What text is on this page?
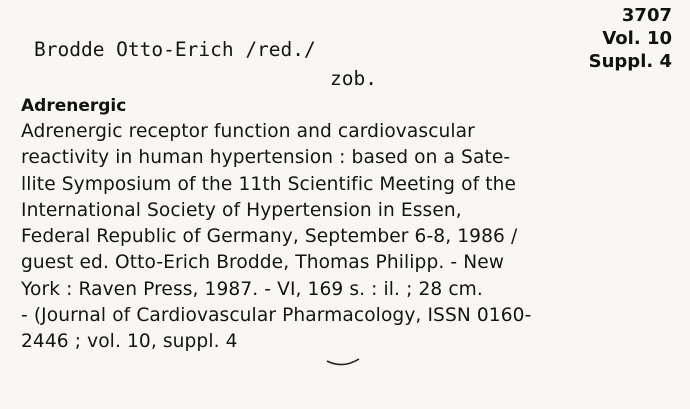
3707
Vol. 10
Suppl. 4
Brodde Otto-Erich /red./
zob.
Adrenergic
Adrenergic receptor function and cardiovascular
reactivity in human hypertension : based on a Sate-
llite Symposium of the 11th Scientific Meeting of the
International Society of Hypertension in Essen,
Federal Republic of Germany, September 6-8, 1986 /
guest ed. Otto-Erich Brodde, Thomas Philipp. - New
York : Raven Press, 1987. - VI, 169 s. : il. ; 28 cm.
- (Journal of Cardiovascular Pharmacology, ISSN 0160-
2446 ; vol. 10, suppl. 4
